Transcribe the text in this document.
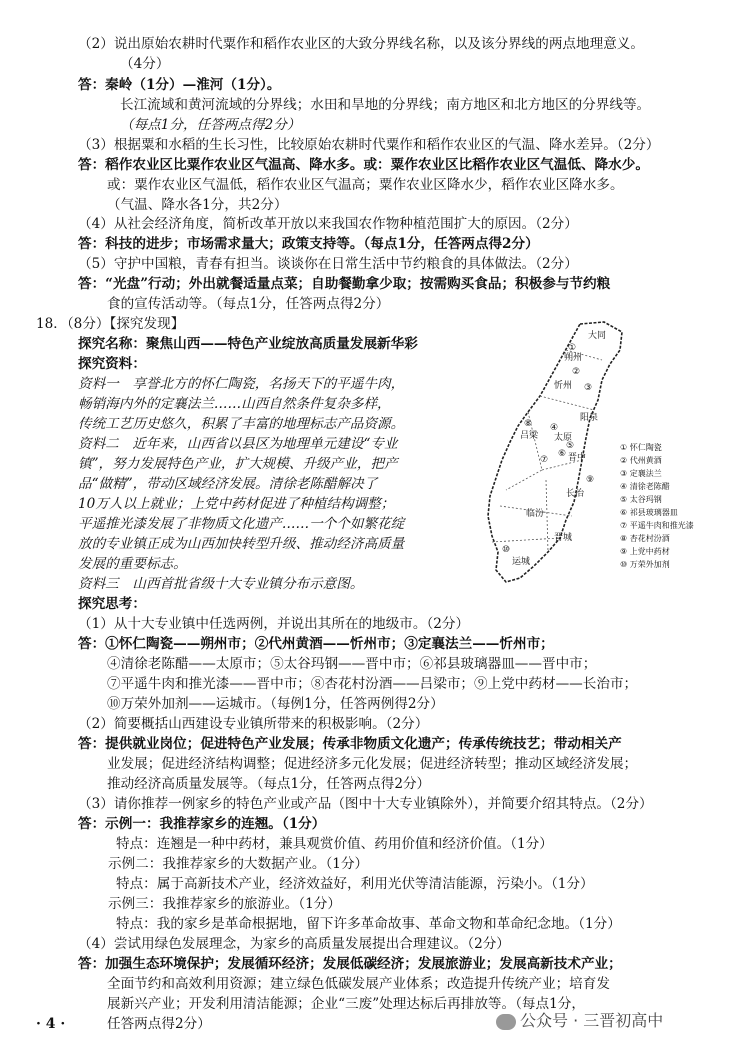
（2）说出原始农耕时代粟作和稻作农业区的大致分界线名称，以及该分界线的两点地理意义。
（4分）
答：秦岭（1分）—淮河（1分）。
长江流域和黄河流域的分界线；水田和旱地的分界线；南方地区和北方地区的分界线等。
（每点1分，任答两点得2分）
（3）根据粟和水稻的生长习性，比较原始农耕时代粟作和稻作农业区的气温、降水差异。（2分）
答：稻作农业区比粟作农业区气温高、降水多。或：粟作农业区比稻作农业区气温低、降水少。
或：粟作农业区气温低，稻作农业区气温高；粟作农业区降水少，稻作农业区降水多。
（气温、降水各1分，共2分）
（4）从社会经济角度，简析改革开放以来我国农作物种植范围扩大的原因。（2分）
答：科技的进步；市场需求量大；政策支持等。（每点1分，任答两点得2分）
（5）守护中国粮，青春有担当。谈谈你在日常生活中节约粮食的具体做法。（2分）
答：“光盘”行动；外出就餐适量点菜；自助餐勤拿少取；按需购买食品；积极参与节约粮
食的宣传活动等。（每点1分，任答两点得2分）
18．（8分）【探究发现】
探究名称：聚焦山西——特色产业绽放高质量发展新华彩
探究资料：
资料一　享誉北方的怀仁陶瓷，名扬天下的平遥牛肉，
畅销海内外的定襄法兰……山西自然条件复杂多样，
传统工艺历史悠久，积累了丰富的地理标志产品资源。
资料二　近年来，山西省以县区为地理单元建设“专业
镇”，努力发展特色产业，扩大规模、升级产业，把产
品“做精”，带动区域经济发展。清徐老陈醋解决了
10万人以上就业；上党中药材促进了种植结构调整；
平遥推光漆发展了非物质文化遗产……一个个如繁花绽
放的专业镇正成为山西加快转型升级、推动经济高质量
发展的重要标志。
资料三　山西首批省级十大专业镇分布示意图。
探究思考：
（1）从十大专业镇中任选两例，并说出其所在的地级市。（2分）
答：①怀仁陶瓷——朔州市；②代州黄酒——忻州市；③定襄法兰——忻州市；
④清徐老陈醋——太原市；⑤太谷玛钢——晋中市；⑥祁县玻璃器皿——晋中市；
⑦平遥牛肉和推光漆——晋中市；⑧杏花村汾酒——吕梁市；⑨上党中药材——长治市；
⑩万荣外加剂——运城市。（每例1分，任答两例得2分）
（2）简要概括山西建设专业镇所带来的积极影响。（2分）
答：提供就业岗位；促进特色产业发展；传承非物质文化遗产；传承传统技艺；带动相关产
业发展；促进经济结构调整；促进经济多元化发展；促进经济转型；推动区域经济发展；
推动经济高质量发展等。（每点1分，任答两点得2分）
（3）请你推荐一例家乡的特色产业或产品（图中十大专业镇除外），并简要介绍其特点。（2分）
答：示例一：我推荐家乡的连翘。（1分）
特点：连翘是一种中药材，兼具观赏价值、药用价值和经济价值。（1分）
示例二：我推荐家乡的大数据产业。（1分）
特点：属于高新技术产业，经济效益好，利用光伏等清洁能源，污染小。（1分）
示例三：我推荐家乡的旅游业。（1分）
特点：我的家乡是革命根据地，留下许多革命故事、革命文物和革命纪念地。（1分）
（4）尝试用绿色发展理念，为家乡的高质量发展提出合理建议。（2分）
答：加强生态环境保护；发展循环经济；发展低碳经济；发展旅游业；发展高新技术产业；
全面节约和高效利用资源；建立绿色低碳发展产业体系；改造提升传统产业；培育发
展新兴产业；开发利用清洁能源；企业“三废”处理达标后再排放等。（每点1分，
任答两点得2分）
大同
朔州
忻州
吕梁 太原
阳泉
晋中
临汾
长治
运城
晋城
①
②
③
④
⑤
⑥
⑦
⑧
⑨
⑩
① 怀仁陶瓷
② 代州黄酒
③ 定襄法兰
④ 清徐老陈醋
⑤ 太谷玛钢
⑥ 祁县玻璃器皿
⑦ 平遥牛肉和推光漆
⑧ 杏花村汾酒
⑨ 上党中药材
⑩ 万荣外加剂
· 4 ·	公众号 · 三晋初高中
